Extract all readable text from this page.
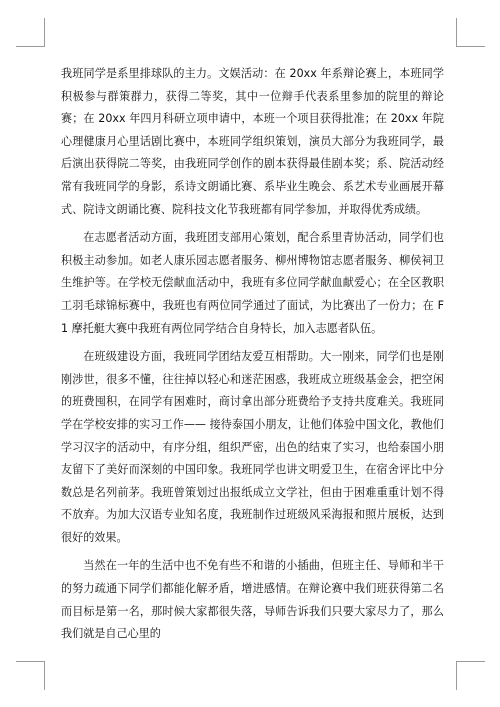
我班同学是系里排球队的主力。文娱活动：在 20xx 年系辩论赛上，本班同学积极参与群策群力，获得二等奖，其中一位辩手代表系里参加的院里的辩论赛；在 20xx 年四月科研立项申请中，本班一个项目获得批准；在 20xx 年院心理健康月心里话剧比赛中，本班同学组织策划，演员大部分为我班同学，最后演出获得院二等奖，由我班同学创作的剧本获得最佳剧本奖；系、院活动经常有我班同学的身影，系诗文朗诵比赛、系毕业生晚会、系艺术专业画展开幕式、院诗文朗诵比赛、院科技文化节我班都有同学参加，并取得优秀成绩。

在志愿者活动方面，我班团支部用心策划，配合系里青协活动，同学们也积极主动参加。如老人康乐园志愿者服务、柳州博物馆志愿者服务、柳侯祠卫生维护等。在学校无偿献血活动中，我班有多位同学献血献爱心；在全区教职工羽毛球锦标赛中，我班也有两位同学通过了面试，为比赛出了一份力；在 F1 摩托艇大赛中我班有两位同学结合自身特长，加入志愿者队伍。

在班级建设方面，我班同学团结友爱互相帮助。大一刚来，同学们也是刚刚涉世，很多不懂，往往掉以轻心和迷茫困惑，我班成立班级基金会，把空闲的班费囤积，在同学有困难时，商讨拿出部分班费给予支持共度难关。我班同学在学校安排的实习工作—— 接待泰国小朋友，让他们体验中国文化，教他们学习汉字的活动中，有序分组，组织严密，出色的结束了实习，也给泰国小朋友留下了美好而深刻的中国印象。我班同学也讲文明爱卫生，在宿舍评比中分数总是名列前茅。我班曾策划过出报纸成立文学社，但由于困难重重计划不得不放弃。为加大汉语专业知名度，我班制作过班级风采海报和照片展板，达到很好的效果。

当然在一年的生活中也不免有些不和谐的小插曲，但班主任、导师和半干的努力疏通下同学们都能化解矛盾，增进感情。在辩论赛中我们班获得第二名而目标是第一名，那时候大家都很失落，导师告诉我们只要大家尽力了，那么我们就是自己心里的
